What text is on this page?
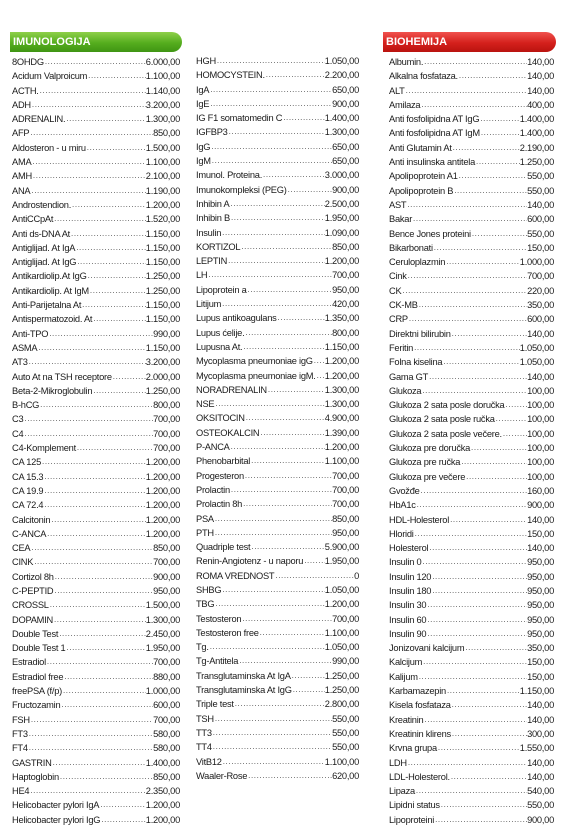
IMUNOLOGIJA	BIOHEMIJA
8OHDG .....	6.000,00
Acidum Valproicum .....	1.100,00
ACTH. .....	1.140,00
ADH .....	3.200,00
ADRENALIN. .....	1.300,00
AFP .....	850,00
Aldosteron - u miru .....	1.500,00
AMA .....	1.100,00
AMH .....	2.100,00
ANA .....	1.190,00
Androstendion. .....	1.200,00
AntiCCpAt .....	1.520,00
Anti ds-DNA At .....	1.150,00
Antiglijad. At IgA .....	1.150,00
Antiglijad. At IgG .....	1.150,00
Antikardiolip.At IgG .....	1.250,00
Antikardiolip. At IgM .....	1.250,00
Anti-Parijetalna At .....	1.150,00
Antispermatozoid. At .....	1.150,00
Anti-TPO .....	990,00
ASMA .....	1.150,00
AT3 .....	3.200,00
Auto At na TSH receptore .....	2.000,00
Beta-2-Mikroglobulin .....	1.250,00
B-hCG .....	800,00
C3 .....	700,00
C4 .....	700,00
C4-Komplement .....	700,00
CA 125 .....	1.200,00
CA 15.3 .....	1.200,00
CA 19.9 .....	1.200,00
CA 72.4 .....	1.200,00
Calcitonin .....	1.200,00
C-ANCA .....	1.200,00
CEA .....	850,00
CINK .....	700,00
Cortizol 8h .....	900,00
C-PEPTID .....	950,00
CROSSL .....	1.500,00
DOPAMIN .....	1.300,00
Double Test .....	2.450,00
Double Test 1 .....	1.950,00
Estradiol .....	700,00
Estradiol free .....	880,00
freePSA (f/p) .....	1.000,00
Fructozamin .....	600,00
FSH .....	700,00
FT3 .....	580,00
FT4 .....	580,00
GASTRIN .....	1.400,00
Haptoglobin .....	850,00
HE4 .....	2.350,00
Helicobacter pylori IgA .....	1.200,00
Helicobacter pylori IgG .....	1.200,00
HGH .....	1.050,00
HOMOCYSTEIN. .....	2.200,00
IgA .....	650,00
IgE .....	900,00
IG F1 somatomedin C .....	1.400,00
IGFBP3 .....	1.300,00
IgG .....	650,00
IgM .....	650,00
Imunol. Proteina. .....	3.000,00
Imunokompleksi (PEG) .....	900,00
Inhibin A .....	2.500,00
Inhibin B .....	1.950,00
Insulin .....	1.090,00
KORTIZOL .....	850,00
LEPTIN .....	1.200,00
LH .....	700,00
Lipoprotein a .....	950,00
Litijum .....	420,00
Lupus antikoagulans .....	1.350,00
Lupus ćelije. .....	800,00
Lupusna At. .....	1.150,00
Mycoplasma pneumoniae igG ..... 1.200,00
Mycoplasma pneumoniae igM. ..... 1.200,00
NORADRENALIN .....	1.300,00
NSE .....	1.300,00
OKSITOCIN .....	4.900,00
OSTEOKALCIN .....	1.390,00
P-ANCA .....	1.200,00
Phenobarbital .....	1.100,00
Progesteron .....	700,00
Prolactin .....	700,00
Prolactin 8h .....	700,00
PSA .....	850,00
PTH .....	950,00
Quadriple test .....	5.900,00
Renin-Angiotenz - u naporu ..... 1.950,00
ROMA VREDNOST .....	0
SHBG .....	1.050,00
TBG .....	1.200,00
Testosteron .....	700,00
Testosteron free .....	1.100,00
Tg. .....	1.050,00
Tg-Antitela .....	990,00
Transglutaminska At IgA .....	1.250,00
Transglutaminska At IgG .....	1.250,00
Triple test .....	2.800,00
TSH .....	550,00
TT3 .....	550,00
TT4 .....	550,00
VitB12 .....	1.100,00
Waaler-Rose .....	620,00
Albumin. .....	140,00
Alkalna fosfataza. .....	140,00
ALT .....	140,00
Amilaza .....	400,00
Anti fosfolipidna AT IgG .....	1.400,00
Anti fosfolipidna AT IgM .....	1.400,00
Anti Glutamin At .....	2.190,00
Anti insulinska antitela .....	1.250,00
Apolipoprotein A1 .....	550,00
Apolipoprotein B .....	550,00
AST .....	140,00
Bakar .....	600,00
Bence Jones proteini .....	550,00
Bikarbonati .....	150,00
Ceruloplazmin .....	1.000,00
Cink .....	700,00
CK .....	220,00
CK-MB .....	350,00
CRP .....	600,00
Direktni bilirubin .....	140,00
Feritin .....	1.050,00
Folna kiselina .....	1.050,00
Gama GT .....	140,00
Glukoza .....	100,00
Glukoza 2 sata posle doručka ..... 100,00
Glukoza 2 sata posle ručka .....	100,00
Glukoza 2 sata posle večere. .....	100,00
Glukoza pre doručka .....	100,00
Glukoza pre ručka .....	100,00
Glukoza pre večere .....	100,00
Gvožđe .....	160,00
HbA1c .....	900,00
HDL-Holesterol .....	140,00
Hloridi .....	150,00
Holesterol .....	140,00
Insulin 0 .....	950,00
Insulin 120 .....	950,00
Insulin 180 .....	950,00
Insulin 30 .....	950,00
Insulin 60 .....	950,00
Insulin 90 .....	950,00
Jonizovani kalcijum .....	350,00
Kalcijum .....	150,00
Kalijum .....	150,00
Karbamazepin .....	1.150,00
Kisela fosfataza .....	140,00
Kreatinin .....	140,00
Kreatinin klirens .....	300,00
Krvna grupa .....	1.550,00
LDH .....	140,00
LDL-Holesterol. .....	140,00
Lipaza .....	540,00
Lipidni status .....	550,00
Lipoproteini .....	900,00
